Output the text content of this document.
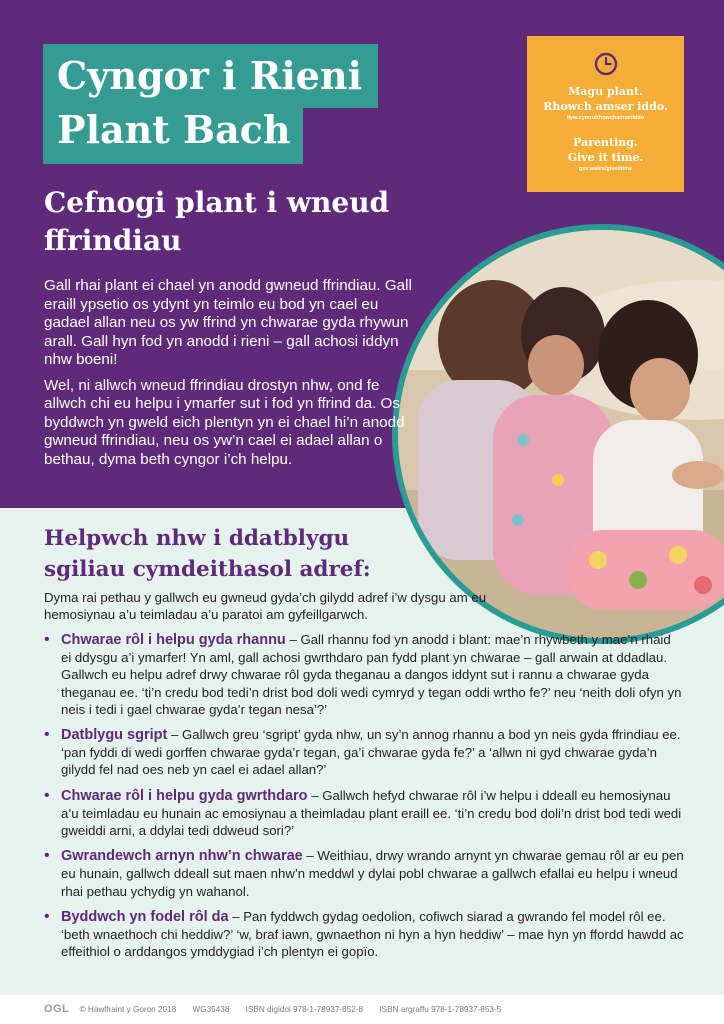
Cyngor i Rieni
Plant Bach
Cefnogi plant i wneud ffrindiau
Magu plant.
Rhowch amser iddo.
llyw.cymru/rhowchamseriddo
Parenting.
Give it time.
gov.wales/giveittime

Gall rhai plant ei chael yn anodd gwneud ffrindiau. Gall eraill ypsetio os ydynt yn teimlo eu bod yn cael eu gadael allan neu os yw ffrind yn chwarae gyda rhywun arall. Gall hyn fod yn anodd i rieni – gall achosi iddyn nhw boeni!

Wel, ni allwch wneud ffrindiau drostyn nhw, ond fe allwch chi eu helpu i ymarfer sut i fod yn ffrind da. Os byddwch yn gweld eich plentyn yn ei chael hi’n anodd gwneud ffrindiau, neu os yw’n cael ei adael allan o bethau, dyma beth cyngor i’ch helpu.

Helpwch nhw i ddatblygu sgiliau cymdeithasol adref:
Dyma rai pethau y gallwch eu gwneud gyda’ch gilydd adref i’w dysgu am eu hemosiynau a’u teimladau a’u paratoi am gyfeillgarwch.
• Chwarae rôl i helpu gyda rhannu – Gall rhannu fod yn anodd i blant: mae’n rhywbeth y mae’n rhaid ei ddysgu a’i ymarfer! Yn aml, gall achosi gwrthdaro pan fydd plant yn chwarae – gall arwain at ddadlau. Gallwch eu helpu adref drwy chwarae rôl gyda theganau a dangos iddynt sut i rannu a chwarae gyda theganau ee. ‘ti’n credu bod tedi’n drist bod doli wedi cymryd y tegan oddi wrtho fe?’ neu ‘neith doli ofyn yn neis i tedi i gael chwarae gyda’r tegan nesa’?’
• Datblygu sgript – Gallwch greu ‘sgript’ gyda nhw, un sy’n annog rhannu a bod yn neis gyda ffrindiau ee. ‘pan fyddi di wedi gorffen chwarae gyda’r tegan, ga’i chwarae gyda fe?’ a ‘allwn ni gyd chwarae gyda’n gilydd fel nad oes neb yn cael ei adael allan?’
• Chwarae rôl i helpu gyda gwrthdaro – Gallwch hefyd chwarae rôl i’w helpu i ddeall eu hemosiynau a’u teimladau eu hunain ac emosiynau a theimladau plant eraill ee. ‘ti’n credu bod doli’n drist bod tedi wedi gweiddi arni, a ddylai tedi ddweud sori?’
• Gwrandewch arnyn nhw’n chwarae – Weithiau, drwy wrando arnynt yn chwarae gemau rôl ar eu pen eu hunain, gallwch ddeall sut maen nhw’n meddwl y dylai pobl chwarae a gallwch efallai eu helpu i wneud rhai pethau ychydig yn wahanol.
• Byddwch yn fodel rôl da – Pan fyddwch gydag oedolion, cofiwch siarad a gwrando fel model rôl ee. ‘beth wnaethoch chi heddiw?’ ‘w, braf iawn, gwnaethon ni hyn a hyn heddiw’ – mae hyn yn ffordd hawdd ac effeithiol o arddangos ymddygiad i’ch plentyn ei gopïo.
OGL © Hawlfraint y Goron 2018 WG35438 ISBN digidol 978-1-78937-852-8 ISBN argraffu 978-1-78937-853-5
